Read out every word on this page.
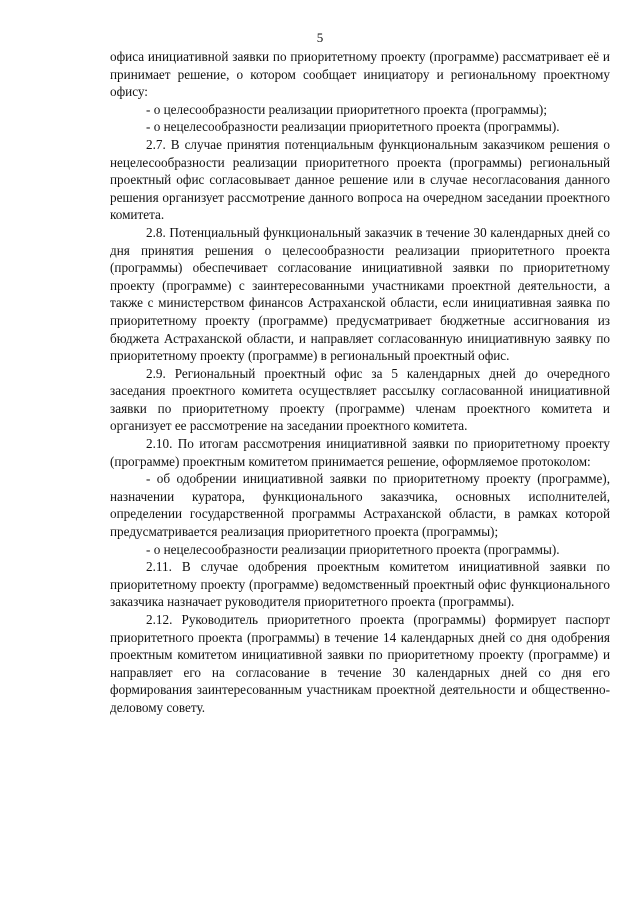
5

офиса инициативной заявки по приоритетному проекту (программе) рассматривает её и принимает решение, о котором сообщает инициатору и региональному проектному офису:

- о целесообразности реализации приоритетного проекта (программы);

- о нецелесообразности реализации приоритетного проекта (программы).

2.7. В случае принятия потенциальным функциональным заказчиком решения о нецелесообразности реализации приоритетного проекта (программы) региональный проектный офис согласовывает данное решение или в случае несогласования данного решения организует рассмотрение данного вопроса на очередном заседании проектного комитета.

2.8. Потенциальный функциональный заказчик в течение 30 календарных дней со дня принятия решения о целесообразности реализации приоритетного проекта (программы) обеспечивает согласование инициативной заявки по приоритетному проекту (программе) с заинтересованными участниками проектной деятельности, а также с министерством финансов Астраханской области, если инициативная заявка по приоритетному проекту (программе) предусматривает бюджетные ассигнования из бюджета Астраханской области, и направляет согласованную инициативную заявку по приоритетному проекту (программе) в региональный проектный офис.

2.9. Региональный проектный офис за 5 календарных дней до очередного заседания проектного комитета осуществляет рассылку согласованной инициативной заявки по приоритетному проекту (программе) членам проектного комитета и организует ее рассмотрение на заседании проектного комитета.

2.10. По итогам рассмотрения инициативной заявки по приоритетному проекту (программе) проектным комитетом принимается решение, оформляемое протоколом:

- об одобрении инициативной заявки по приоритетному проекту (программе), назначении куратора, функционального заказчика, основных исполнителей, определении государственной программы Астраханской области, в рамках которой предусматривается реализация приоритетного проекта (программы);

- о нецелесообразности реализации приоритетного проекта (программы).

2.11. В случае одобрения проектным комитетом инициативной заявки по приоритетному проекту (программе) ведомственный проектный офис функционального заказчика назначает руководителя приоритетного проекта (программы).

2.12. Руководитель приоритетного проекта (программы) формирует паспорт приоритетного проекта (программы) в течение 14 календарных дней со дня одобрения проектным комитетом инициативной заявки по приоритетному проекту (программе) и направляет его на согласование в течение 30 календарных дней со дня его формирования заинтересованным участникам проектной деятельности и общественно-деловому совету.
